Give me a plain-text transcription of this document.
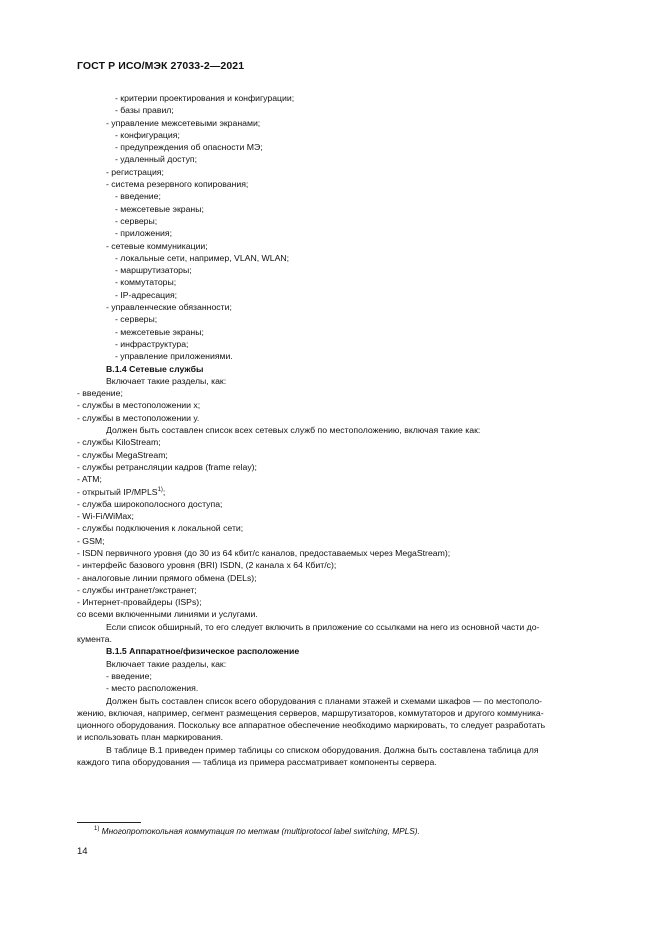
ГОСТ Р ИСО/МЭК 27033-2—2021
- критерии проектирования и конфигурации;
- базы правил;
- управление межсетевыми экранами;
- конфигурация;
- предупреждения об опасности МЭ;
- удаленный доступ;
- регистрация;
- система резервного копирования;
- введение;
- межсетевые экраны;
- серверы;
- приложения;
- сетевые коммуникации;
- локальные сети, например, VLAN, WLAN;
- маршрутизаторы;
- коммутаторы;
- IP-адресация;
- управленческие обязанности;
- серверы;
- межсетевые экраны;
- инфраструктура;
- управление приложениями.
В.1.4 Сетевые службы
Включает такие разделы, как:
- введение;
- службы в местоположении х;
- службы в местоположении у.
Должен быть составлен список всех сетевых служб по местоположению, включая такие как:
- службы KiloStream;
- службы MegaStream;
- службы ретрансляции кадров (frame relay);
- ATM;
- открытый IP/MPLS$^{1)}$;
- служба широкополосного доступа;
- Wi-Fi/WiMax;
- службы подключения к локальной сети;
- GSM;
- ISDN первичного уровня (до 30 из 64 кбит/с каналов, предоставаемых через MegaStream);
- интерфейс базового уровня (BRI) ISDN, (2 канала х 64 Кбит/с);
- аналоговые линии прямого обмена (DELs);
- службы интранет/экстранет;
- Интернет-провайдеры (ISPs);
со всеми включенными линиями и услугами.
Если список обширный, то его следует включить в приложение со ссылками на него из основной части до-
кумента.
В.1.5 Аппаратное/физическое расположение
Включает такие разделы, как:
- введение;
- место расположения.
Должен быть составлен список всего оборудования с планами этажей и схемами шкафов — по местополо-
жению, включая, например, сегмент размещения серверов, маршрутизаторов, коммутаторов и другого коммуника-
ционного оборудования. Поскольку все аппаратное обеспечение необходимо маркировать, то следует разработать
и использовать план маркирования.
В таблице В.1 приведен пример таблицы со списком оборудования. Должна быть составлена таблица для
каждого типа оборудования — таблица из примера рассматривает компоненты сервера.
$^{1)}$ Многопротокольная коммутация по меткам (multiprotocol label switching, MPLS).
14
